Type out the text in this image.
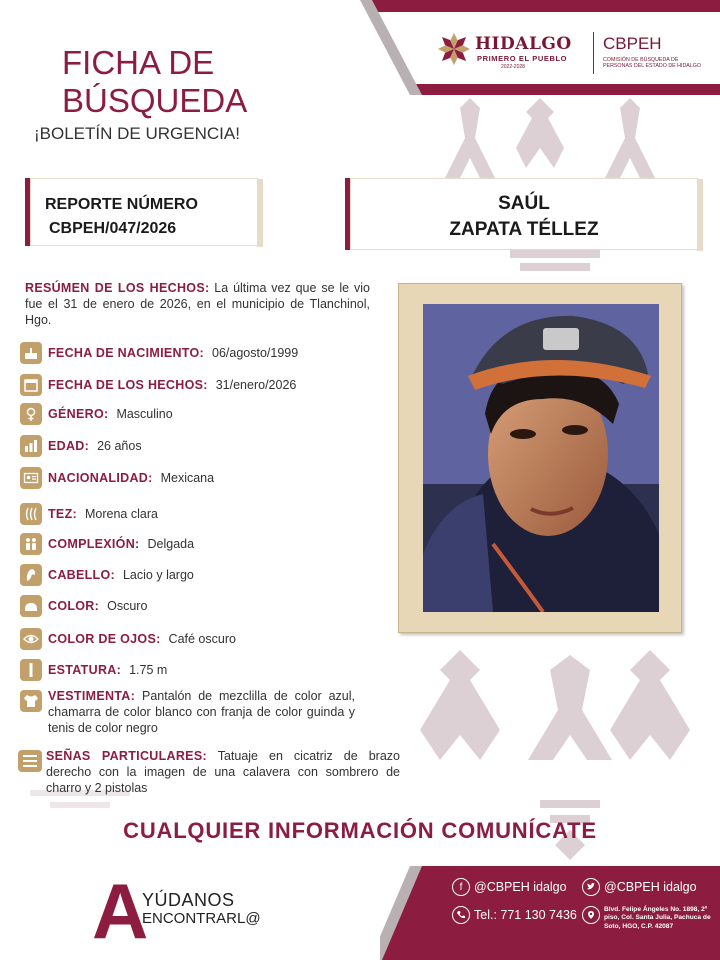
HIDALGO
PRIMERO EL PUEBLO
2022-2028
CBPEH
COMISIÓN DE BÚSQUEDA DE PERSONAS DEL ESTADO DE HIDALGO
FICHA DE
BÚSQUEDA
¡BOLETÍN DE URGENCIA!
REPORTE NÚMERO
CBPEH/047/2026
SAÚL
ZAPATA TÉLLEZ
RESÚMEN DE LOS HECHOS: La última vez que se le vio fue el 31 de enero de 2026, en el municipio de Tlanchinol, Hgo.
FECHA DE NACIMIENTO: 06/agosto/1999
FECHA DE LOS HECHOS: 31/enero/2026
GÉNERO: Masculino
EDAD: 26 años
NACIONALIDAD: Mexicana
TEZ: Morena clara
COMPLEXIÓN: Delgada
CABELLO: Lacio y largo
COLOR: Oscuro
COLOR DE OJOS: Café oscuro
ESTATURA: 1.75 m
VESTIMENTA: Pantalón de mezclilla de color azul, chamarra de color blanco con franja de color guinda y tenis de color negro
SEÑAS PARTICULARES: Tatuaje en cicatriz de brazo derecho con la imagen de una calavera con sombrero de charro y 2 pistolas
CUALQUIER INFORMACIÓN COMUNÍCATE
A
YÚDANOS
ENCONTRARL@
f @CBPEH idalgo	@CBPEH idalgo
Tel.: 771 130 7436	Blvd. Felipe Ángeles No. 1898, 2º piso, Col. Santa Julia, Pachuca de Soto, HGO, C.P. 42087
